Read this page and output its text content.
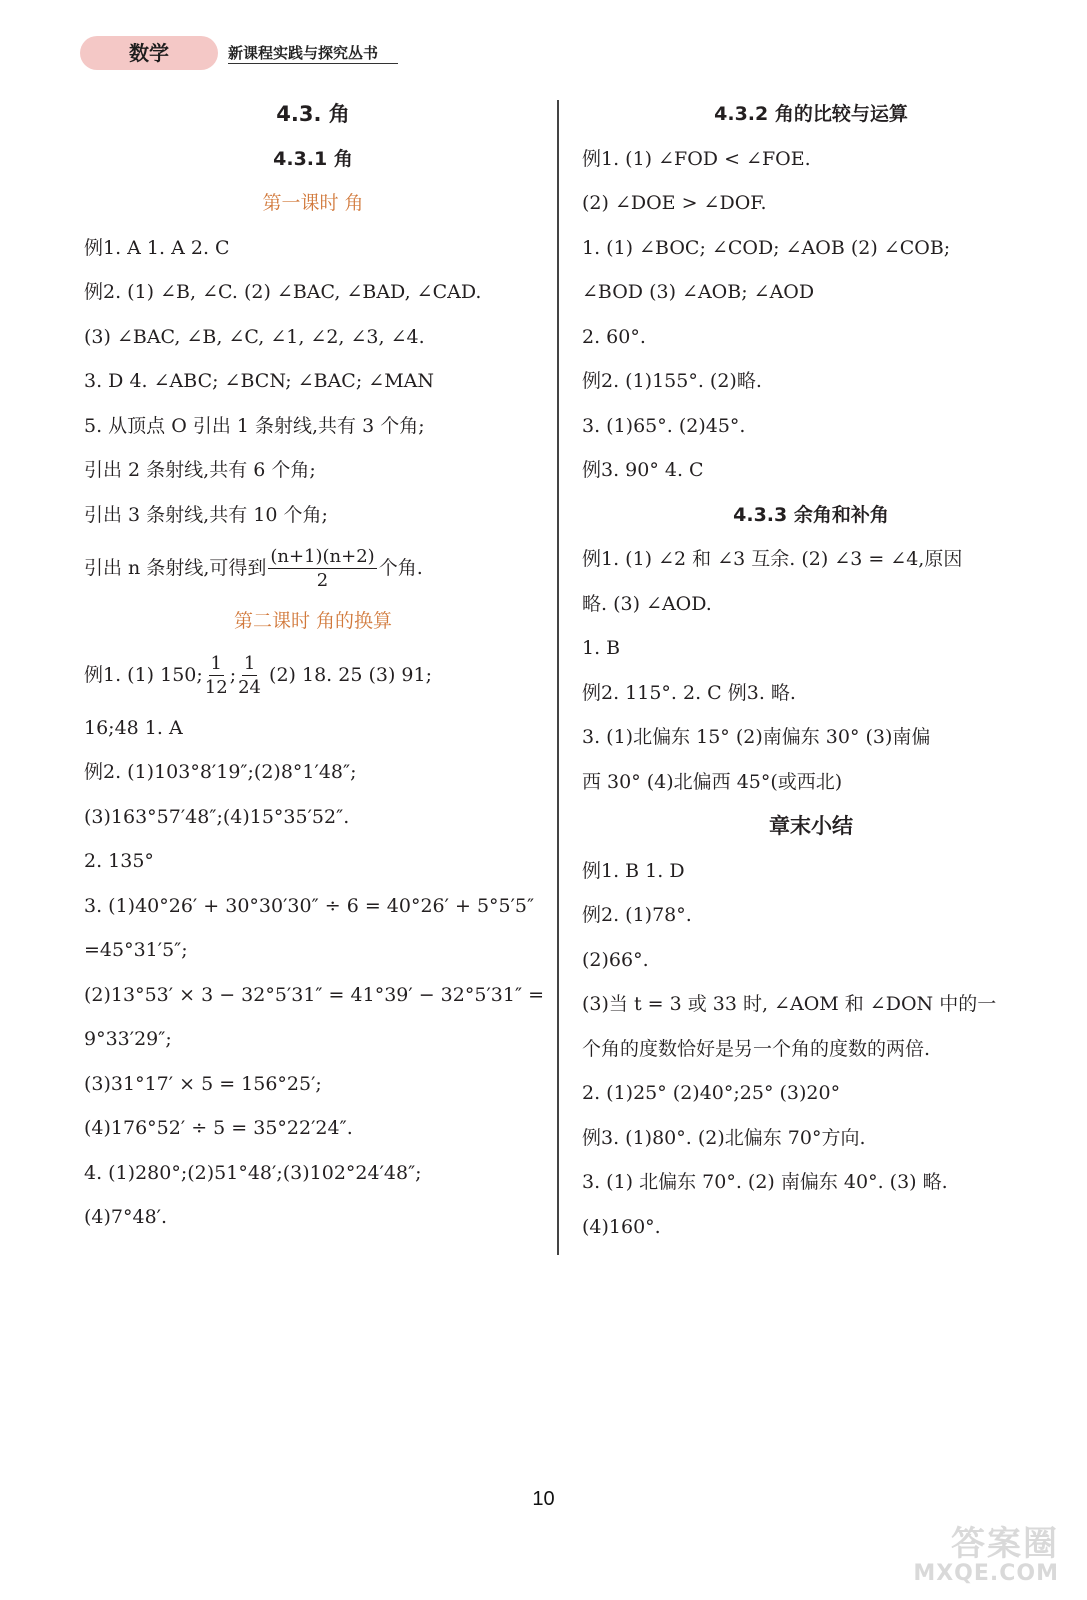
数学	新课程实践与探究丛书
4.3. 角
4.3.1 角
第一课时 角
例1. A 1. A 2. C
例2. (1) ∠B, ∠C. (2) ∠BAC, ∠BAD, ∠CAD.
(3) ∠BAC, ∠B, ∠C, ∠1, ∠2, ∠3, ∠4.
3. D 4. ∠ABC; ∠BCN; ∠BAC; ∠MAN
5. 从顶点 O 引出 1 条射线,共有 3 个角;
引出 2 条射线,共有 6 个角;
引出 3 条射线,共有 10 个角;
引出 n 条射线,可得到 $\frac{(n+1)(n+2)}{2}$ 个角.
第二课时 角的换算
例1. (1) 150; $\frac{1}{12}$ ; $\frac{1}{24} (2)$ 18. 25 (3) 91;
16;48 1. A
例2. (1)103°8′19″;(2)8°1′48″;
(3)163°57′48″;(4)15°35′52″.
2. 135°
3. (1)40°26′ + 30°30′30″ ÷ 6 = 40°26′ + 5°5′5″
=45°31′5″;
(2)13°53′ × 3 − 32°5′31″ = 41°39′ − 32°5′31″ =
9°33′29″;
(3)31°17′ × 5 = 156°25′;
(4)176°52′ ÷ 5 = 35°22′24″.
4. (1)280°;(2)51°48′;(3)102°24′48″;
(4)7°48′.
4.3.2 角的比较与运算
例1. (1) ∠FOD < ∠FOE.
(2) ∠DOE > ∠DOF.
1. (1) ∠BOC; ∠COD; ∠AOB (2) ∠COB;
∠BOD (3) ∠AOB; ∠AOD
2. 60°.
例2. (1)155°. (2)略.
3. (1)65°. (2)45°.
例3. 90° 4. C
4.3.3 余角和补角
例1. (1) ∠2 和 ∠3 互余. (2) ∠3 = ∠4,原因
略. (3) ∠AOD.
1. B
例2. 115°. 2. C 例3. 略.
3. (1)北偏东 15° (2)南偏东 30° (3)南偏
西 30° (4)北偏西 45°(或西北)
章末小结
例1. B 1. D
例2. (1)78°.
(2)66°.
(3)当 t = 3 或 33 时, ∠AOM 和 ∠DON 中的一
个角的度数恰好是另一个角的度数的两倍.
2. (1)25° (2)40°;25° (3)20°
例3. (1)80°. (2)北偏东 70°方向.
3. (1) 北偏东 70°. (2) 南偏东 40°. (3) 略.
(4)160°.
10
答案圈
MXQE.COM
